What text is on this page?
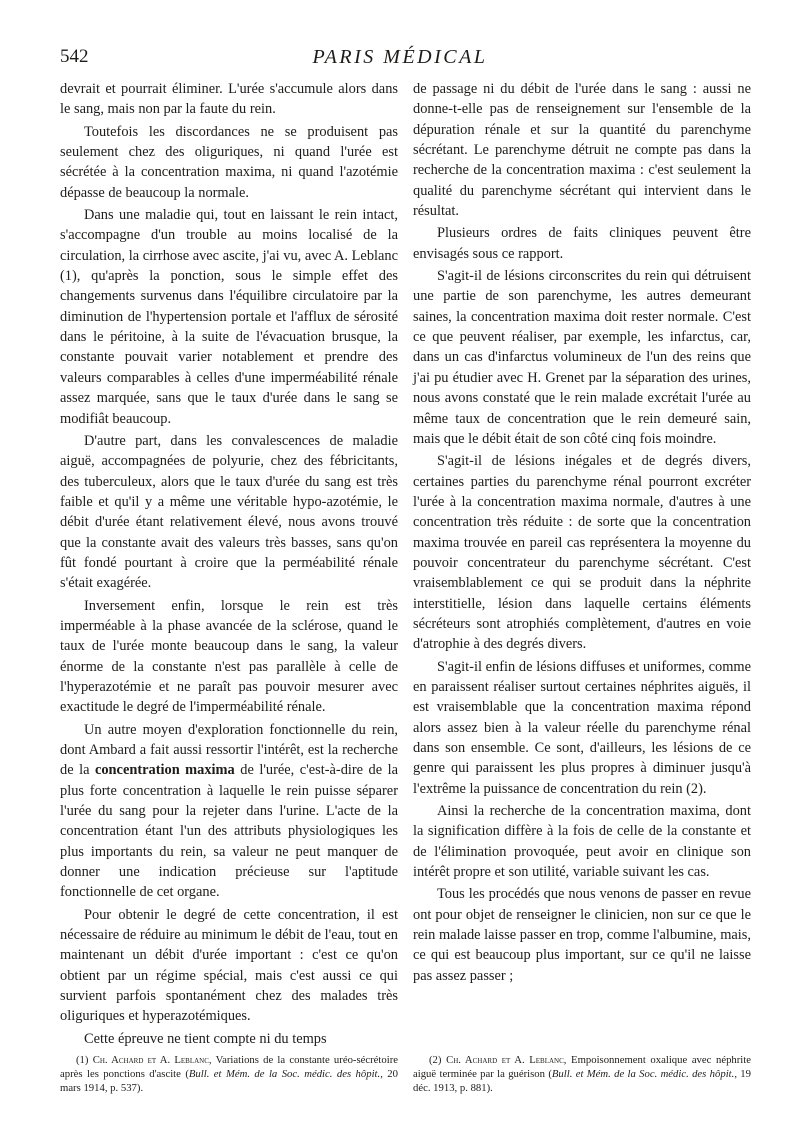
542	PARIS MÉDICAL

devrait et pourrait éliminer. L'urée s'accumule alors dans le sang, mais non par la faute du rein.

Toutefois les discordances ne se produisent pas seulement chez des oliguriques, ni quand l'urée est sécrétée à la concentration maxima, ni quand l'azotémie dépasse de beaucoup la normale.

Dans une maladie qui, tout en laissant le rein intact, s'accompagne d'un trouble au moins localisé de la circulation, la cirrhose avec ascite, j'ai vu, avec A. Leblanc (1), qu'après la ponction, sous le simple effet des changements survenus dans l'équilibre circulatoire par la diminution de l'hypertension portale et l'afflux de sérosité dans le péritoine, à la suite de l'évacuation brusque, la constante pouvait varier notablement et prendre des valeurs comparables à celles d'une imperméabilité rénale assez marquée, sans que le taux d'urée dans le sang se modifiât beaucoup.

D'autre part, dans les convalescences de maladie aiguë, accompagnées de polyurie, chez des fébricitants, des tuberculeux, alors que le taux d'urée du sang est très faible et qu'il y a même une véritable hypo-azotémie, le débit d'urée étant relativement élevé, nous avons trouvé que la constante avait des valeurs très basses, sans qu'on fût fondé pourtant à croire que la perméabilité rénale s'était exagérée.

Inversement enfin, lorsque le rein est très imperméable à la phase avancée de la sclérose, quand le taux de l'urée monte beaucoup dans le sang, la valeur énorme de la constante n'est pas parallèle à celle de l'hyperazotémie et ne paraît pas pouvoir mesurer avec exactitude le degré de l'imperméabilité rénale.

Un autre moyen d'exploration fonctionnelle du rein, dont Ambard a fait aussi ressortir l'intérêt, est la recherche de la concentration maxima de l'urée, c'est-à-dire de la plus forte concentration à laquelle le rein puisse séparer l'urée du sang pour la rejeter dans l'urine. L'acte de la concentration étant l'un des attributs physiologiques les plus importants du rein, sa valeur ne peut manquer de donner une indication précieuse sur l'aptitude fonctionnelle de cet organe.

Pour obtenir le degré de cette concentration, il est nécessaire de réduire au minimum le débit de l'eau, tout en maintenant un débit d'urée important : c'est ce qu'on obtient par un régime spécial, mais c'est aussi ce qui survient parfois spontanément chez des malades très oliguriques et hyperazotémiques.

Cette épreuve ne tient compte ni du temps

de passage ni du débit de l'urée dans le sang : aussi ne donne-t-elle pas de renseignement sur l'ensemble de la dépuration rénale et sur la quantité du parenchyme sécrétant. Le parenchyme détruit ne compte pas dans la recherche de la concentration maxima : c'est seulement la qualité du parenchyme sécrétant qui intervient dans le résultat.

Plusieurs ordres de faits cliniques peuvent être envisagés sous ce rapport.

S'agit-il de lésions circonscrites du rein qui détruisent une partie de son parenchyme, les autres demeurant saines, la concentration maxima doit rester normale. C'est ce que peuvent réaliser, par exemple, les infarctus, car, dans un cas d'infarctus volumineux de l'un des reins que j'ai pu étudier avec H. Grenet par la séparation des urines, nous avons constaté que le rein malade excrétait l'urée au même taux de concentration que le rein demeuré sain, mais que le débit était de son côté cinq fois moindre.

S'agit-il de lésions inégales et de degrés divers, certaines parties du parenchyme rénal pourront excréter l'urée à la concentration maxima normale, d'autres à une concentration très réduite : de sorte que la concentration maxima trouvée en pareil cas représentera la moyenne du pouvoir concentrateur du parenchyme sécrétant. C'est vraisemblablement ce qui se produit dans la néphrite interstitielle, lésion dans laquelle certains éléments sécréteurs sont atrophiés complètement, d'autres en voie d'atrophie à des degrés divers.

S'agit-il enfin de lésions diffuses et uniformes, comme en paraissent réaliser surtout certaines néphrites aiguës, il est vraisemblable que la concentration maxima répond alors assez bien à la valeur réelle du parenchyme rénal dans son ensemble. Ce sont, d'ailleurs, les lésions de ce genre qui paraissent les plus propres à diminuer jusqu'à l'extrême la puissance de concentration du rein (2).

Ainsi la recherche de la concentration maxima, dont la signification diffère à la fois de celle de la constante et de l'élimination provoquée, peut avoir en clinique son intérêt propre et son utilité, variable suivant les cas.

Tous les procédés que nous venons de passer en revue ont pour objet de renseigner le clinicien, non sur ce que le rein malade laisse passer en trop, comme l'albumine, mais, ce qui est beaucoup plus important, sur ce qu'il ne laisse pas assez passer ;

(1) Ch. Achard et A. Leblanc, Variations de la constante uréo-sécrétoire après les ponctions d'ascite (Bull. et Mém. de la Soc. médic. des hôpit., 20 mars 1914, p. 537).

(2) Ch. Achard et A. Leblanc, Empoisonnement oxalique avec néphrite aiguë terminée par la guérison (Bull. et Mém. de la Soc. médic. des hôpit., 19 déc. 1913, p. 881).
